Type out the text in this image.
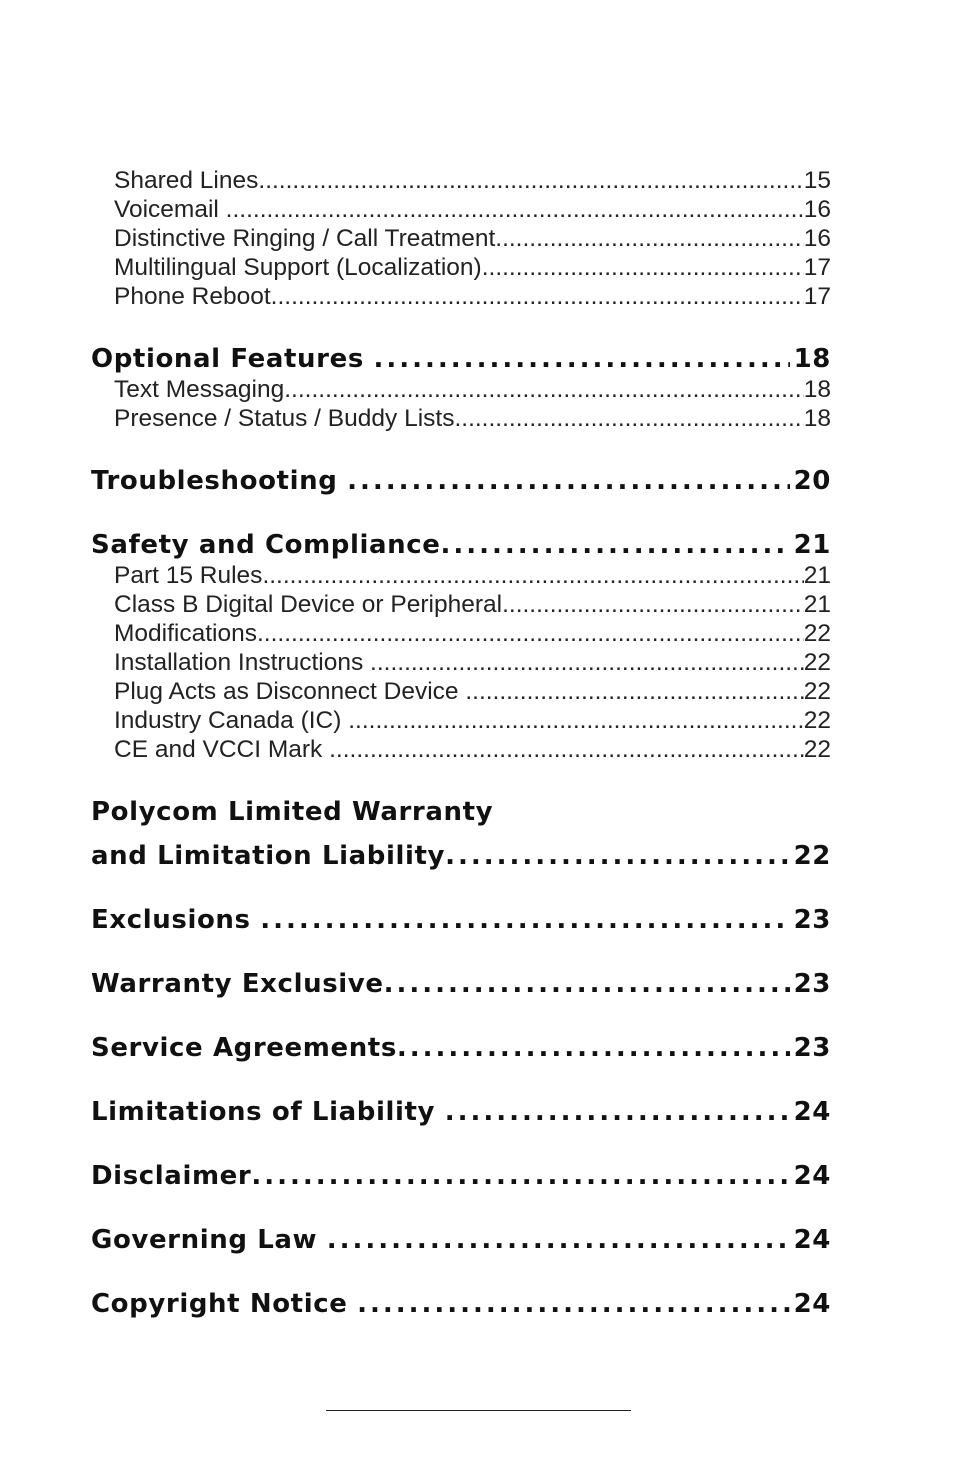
Shared Lines .....	15
Voicemail .....	16
Distinctive Ringing / Call Treatment .....	16
Multilingual Support (Localization) .....	17
Phone Reboot .....	17
Optional Features .....	18
Text Messaging .....	18
Presence / Status / Buddy Lists .....	18
Troubleshooting .....	20
Safety and Compliance .....	21
Part 15 Rules .....	21
Class B Digital Device or Peripheral .....	21
Modifications .....	22
Installation Instructions .....	22
Plug Acts as Disconnect Device .....	22
Industry Canada (IC) .....	22
CE and VCCI Mark .....	22
Polycom Limited Warranty
and Limitation Liability .....	22
Exclusions .....	23
Warranty Exclusive .....	23
Service Agreements .....	23
Limitations of Liability .....	24
Disclaimer .....	24
Governing Law .....	24
Copyright Notice .....	24
